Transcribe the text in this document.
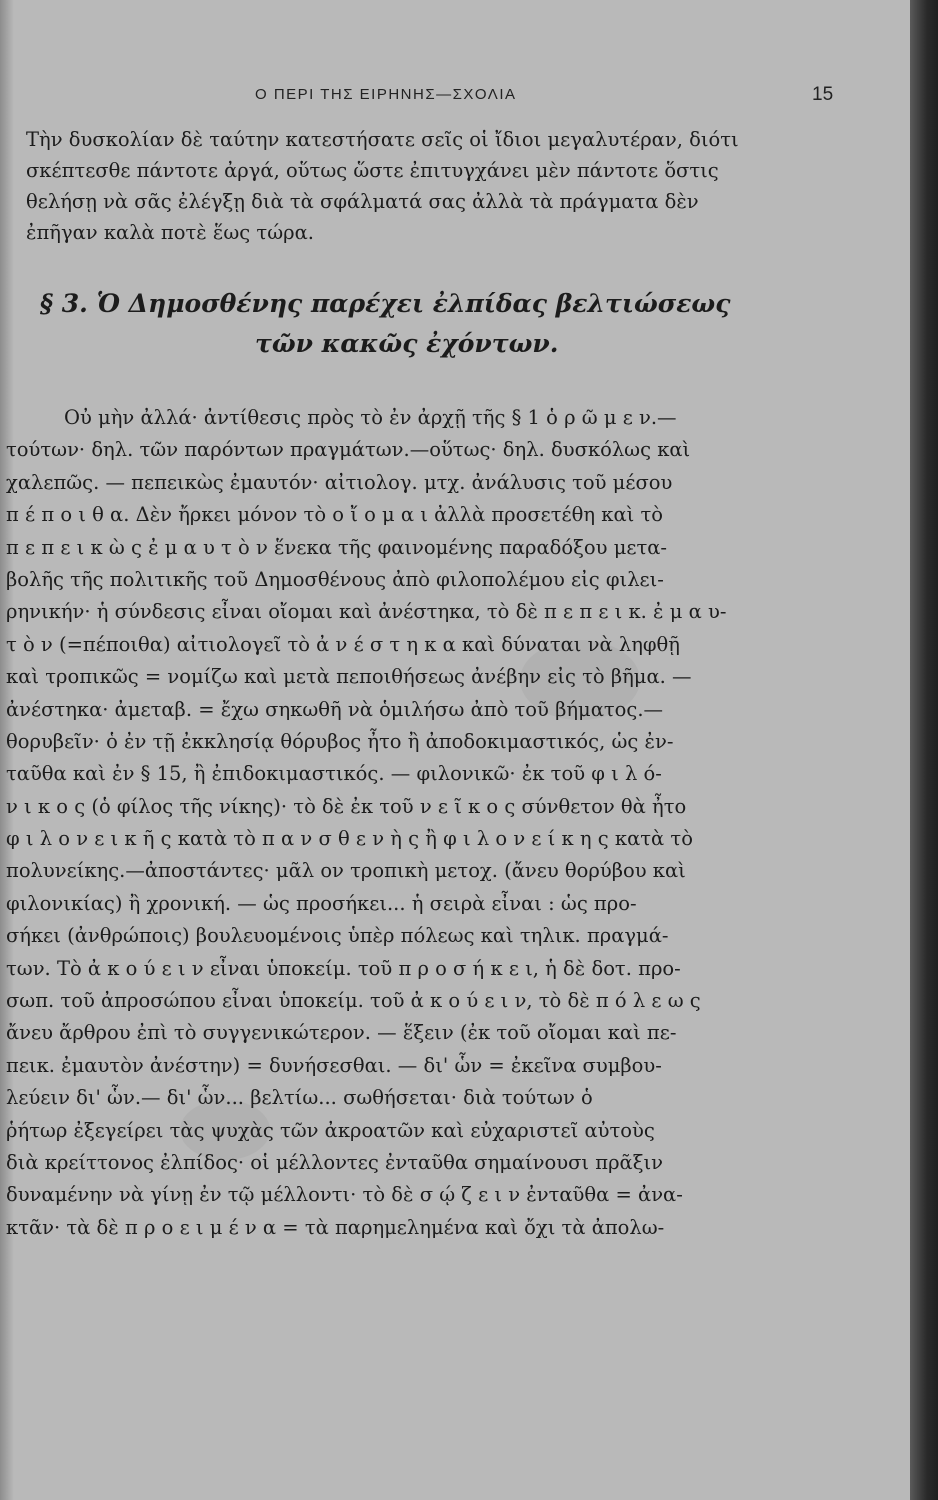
Ο ΠΕΡΙ ΤΗΣ ΕΙΡΗΝΗΣ—ΣΧΟΛΙΑ	15
Τὴν δυσκολίαν δὲ ταύτην κατεστήσατε σεῖς οἱ ἴδιοι μεγαλυτέραν, διότι
σκέπτεσθε πάντοτε ἀργά, οὕτως ὥστε ἐπιτυγχάνει μὲν πάντοτε ὅστις
θελήσῃ νὰ σᾶς ἐλέγξῃ διὰ τὰ σφάλματά σας ἀλλὰ τὰ πράγματα δὲν
ἐπῆγαν καλὰ ποτὲ ἕως τώρα.
§ 3. Ὁ Δημοσθένης παρέχει ἐλπίδας βελτιώσεως
τῶν κακῶς ἐχόντων.
Οὐ μὴν ἀλλά· ἀντίθεσις πρὸς τὸ ἐν ἀρχῇ τῆς § 1 ὁ ρ ῶ μ ε ν.—
τούτων· δηλ. τῶν παρόντων πραγμάτων.—οὕτως· δηλ. δυσκόλως καὶ
χαλεπῶς. — πεπεικὼς ἐμαυτόν· αἰτιολογ. μτχ. ἀνάλυσις τοῦ μέσου
π έ π ο ι θ α. Δὲν ἤρκει μόνον τὸ ο ἴ ο μ α ι ἀλλὰ προσετέθη καὶ τὸ
π ε π ε ι κ ὼ ς ἐ μ α υ τ ὸ ν ἕνεκα τῆς φαινομένης παραδόξου μετα-
βολῆς τῆς πολιτικῆς τοῦ Δημοσθένους ἀπὸ φιλοπολέμου εἰς φιλει-
ρηνικήν· ἡ σύνδεσις εἶναι οἴομαι καὶ ἀνέστηκα, τὸ δὲ π ε π ε ι κ. ἐ μ α υ-
τ ὸ ν (=πέποιθα) αἰτιολογεῖ τὸ ἀ ν έ σ τ η κ α καὶ δύναται νὰ ληφθῇ
καὶ τροπικῶς = νομίζω καὶ μετὰ πεποιθήσεως ἀνέβην εἰς τὸ βῆμα. —
ἀνέστηκα· ἀμεταβ. = ἔχω σηκωθῆ νὰ ὁμιλήσω ἀπὸ τοῦ βήματος.—
θορυβεῖν· ὁ ἐν τῇ ἐκκλησίᾳ θόρυβος ἦτο ἢ ἀποδοκιμαστικός, ὡς ἐν-
ταῦθα καὶ ἐν § 15, ἢ ἐπιδοκιμαστικός. — φιλονικῶ· ἐκ τοῦ φ ι λ ό-
ν ι κ ο ς (ὁ φίλος τῆς νίκης)· τὸ δὲ ἐκ τοῦ ν ε ῖ κ ο ς σύνθετον θὰ ἦτο
φ ι λ ο ν ε ι κ ῆ ς κατὰ τὸ π α ν σ θ ε ν ὴ ς ἢ φ ι λ ο ν ε ί κ η ς κατὰ τὸ
πολυνείκης.—ἀποστάντες· μᾶλ ον τροπικὴ μετοχ. (ἄνευ θορύβου καὶ
φιλονικίας) ἢ χρονική. — ὡς προσήκει... ἡ σειρὰ εἶναι : ὡς προ-
σήκει (ἀνθρώποις) βουλευομένοις ὑπὲρ πόλεως καὶ τηλικ. πραγμά-
των. Τὸ ἀ κ ο ύ ε ι ν εἶναι ὑποκείμ. τοῦ π ρ ο σ ή κ ε ι, ἡ δὲ δοτ. προ-
σωπ. τοῦ ἀπροσώπου εἶναι ὑποκείμ. τοῦ ἀ κ ο ύ ε ι ν, τὸ δὲ π ό λ ε ω ς
ἄνευ ἄρθρου ἐπὶ τὸ συγγενικώτερον. — ἕξειν (ἐκ τοῦ οἴομαι καὶ πε-
πεικ. ἐμαυτὸν ἀνέστην) = δυνήσεσθαι. — δι' ὧν = ἐκεῖνα συμβου-
λεύειν δι' ὧν.— δι' ὧν... βελτίω... σωθήσεται· διὰ τούτων ὁ
ῥήτωρ ἐξεγείρει τὰς ψυχὰς τῶν ἀκροατῶν καὶ εὐχαριστεῖ αὐτοὺς
διὰ κρείττονος ἐλπίδος· οἱ μέλλοντες ἐνταῦθα σημαίνουσι πρᾶξιν
δυναμένην νὰ γίνῃ ἐν τῷ μέλλοντι· τὸ δὲ σ ῴ ζ ε ι ν ἐνταῦθα = ἀνα-
κτᾶν· τὰ δὲ π ρ ο ε ι μ έ ν α = τὰ παρημελημένα καὶ ὄχι τὰ ἀπολω-
